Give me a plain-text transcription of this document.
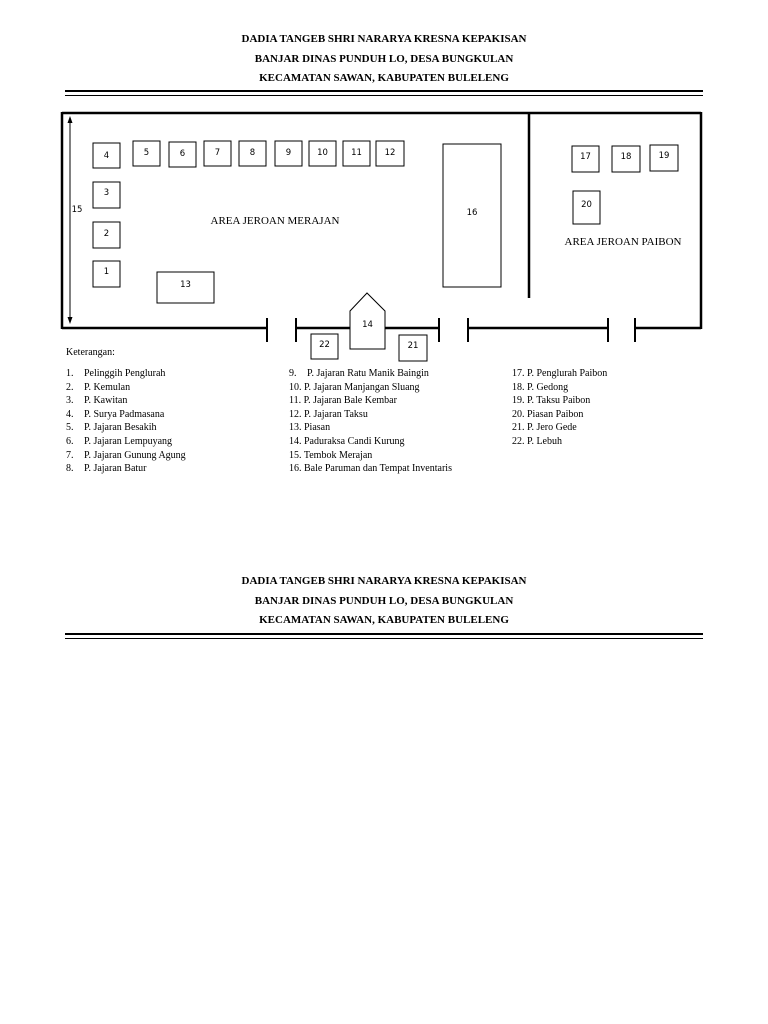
DADIA TANGEB SHRI NARARYA KRESNA KEPAKISAN
BANJAR DINAS PUNDUH LO, DESA BUNGKULAN
KECAMATAN SAWAN, KABUPATEN BULELENG
4	5	6	7	8	9	10	11	12
3
2
1
13
14
16
17	18	19
20
21
22
15
AREA JEROAN MERAJAN
AREA JEROAN PAIBON
Keterangan:
1. Pelinggih Penglurah
2. P. Kemulan
3. P. Kawitan
4. P. Surya Padmasana
5. P. Jajaran Besakih
6. P. Jajaran Lempuyang
7. P. Jajaran Gunung Agung
8. P. Jajaran Batur
9. P. Jajaran Ratu Manik Baingin
10. P. Jajaran Manjangan Sluang
11. P. Jajaran Bale Kembar
12. P. Jajaran Taksu
13. Piasan
14. Paduraksa Candi Kurung
15. Tembok Merajan
16. Bale Paruman dan Tempat Inventaris
17. P. Penglurah Paibon
18. P. Gedong
19. P. Taksu Paibon
20. Piasan Paibon
21. P. Jero Gede
22. P. Lebuh
DADIA TANGEB SHRI NARARYA KRESNA KEPAKISAN
BANJAR DINAS PUNDUH LO, DESA BUNGKULAN
KECAMATAN SAWAN, KABUPATEN BULELENG
